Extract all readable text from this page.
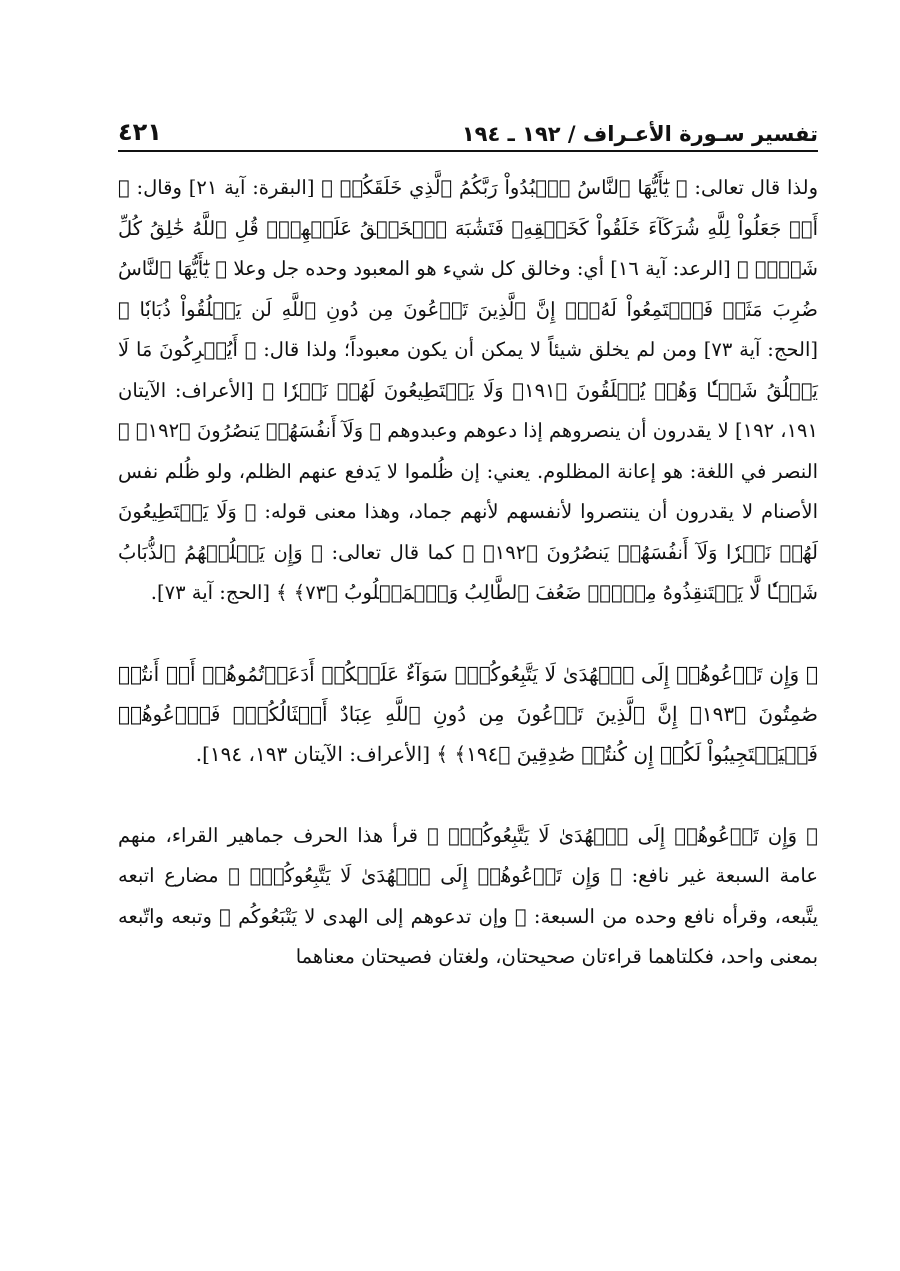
تفسير سـورة الأعـراف / ١٩٢ ـ ١٩٤
٤٢١

ولذا قال تعالى: ﴿ يَٰٓأَيُّهَا ٱلنَّاسُ ٱعۡبُدُواْ رَبَّكُمُ ٱلَّذِي خَلَقَكُمۡ ﴾ [البقرة: آية ٢١] وقال: ﴿ أَمۡ جَعَلُواْ لِلَّهِ شُرَكَآءَ خَلَقُواْ كَخَلۡقِهِۦ فَتَشَٰبَهَ ٱلۡخَلۡقُ عَلَيۡهِمۡۚ قُلِ ٱللَّهُ خَٰلِقُ كُلِّ شَيۡءٖ ﴾ [الرعد: آية ١٦] أي: وخالق كل شيء هو المعبود وحده جل وعلا ﴿ يَٰٓأَيُّهَا ٱلنَّاسُ ضُرِبَ مَثَلٞ فَٱسۡتَمِعُواْ لَهُۥٓۚ إِنَّ ٱلَّذِينَ تَدۡعُونَ مِن دُونِ ٱللَّهِ لَن يَخۡلُقُواْ ذُبَابٗا ﴾ [الحج: آية ٧٣] ومن لم يخلق شيئاً لا يمكن أن يكون معبوداً؛ ولذا قال: ﴿ أَيُشۡرِكُونَ مَا لَا يَخۡلُقُ شَيۡـٔٗا وَهُمۡ يُخۡلَقُونَ ﴿١٩١﴾ وَلَا يَسۡتَطِيعُونَ لَهُمۡ نَصۡرٗا ﴾ [الأعراف: الآيتان ١٩١، ١٩٢] لا يقدرون أن ينصروهم إذا دعوهم وعبدوهم ﴿ وَلَآ أَنفُسَهُمۡ يَنصُرُونَ ﴿١٩٢﴾ ﴾ النصر في اللغة: هو إعانة المظلوم. يعني: إن ظُلموا لا يَدفع عنهم الظلم، ولو ظُلم نفس الأصنام لا يقدرون أن ينتصروا لأنفسهم لأنهم جماد، وهذا معنى قوله: ﴿ وَلَا يَسۡتَطِيعُونَ لَهُمۡ نَصۡرٗا وَلَآ أَنفُسَهُمۡ يَنصُرُونَ ﴿١٩٢﴾ ﴾ كما قال تعالى: ﴿ وَإِن يَسۡلُبۡهُمُ ٱلذُّبَابُ شَيۡـٔٗا لَّا يَسۡتَنقِذُوهُ مِنۡهُۚ ضَعُفَ ٱلطَّالِبُ وَٱلۡمَطۡلُوبُ ﴿٧٣﴾ ﴾ [الحج: آية ٧٣].

﴿ وَإِن تَدۡعُوهُمۡ إِلَى ٱلۡهُدَىٰ لَا يَتَّبِعُوكُمۡۚ سَوَآءٌ عَلَيۡكُمۡ أَدَعَوۡتُمُوهُمۡ أَمۡ أَنتُمۡ صَٰمِتُونَ ﴿١٩٣﴾ إِنَّ ٱلَّذِينَ تَدۡعُونَ مِن دُونِ ٱللَّهِ عِبَادٌ أَمۡثَالُكُمۡۖ فَٱدۡعُوهُمۡ فَلۡيَسۡتَجِيبُواْ لَكُمۡ إِن كُنتُمۡ صَٰدِقِينَ ﴿١٩٤﴾ ﴾ [الأعراف: الآيتان ١٩٣، ١٩٤].

﴿ وَإِن تَدۡعُوهُمۡ إِلَى ٱلۡهُدَىٰ لَا يَتَّبِعُوكُمۡۚ ﴾ قرأ هذا الحرف جماهير القراء، منهم عامة السبعة غير نافع: ﴿ وَإِن تَدۡعُوهُمۡ إِلَى ٱلۡهُدَىٰ لَا يَتَّبِعُوكُمۡۚ ﴾ مضارع اتبعه يتَّبعه، وقرأه نافع وحده من السبعة: ﴿ وإن تدعوهم إلى الهدى لا يَتْبَعُوكُم ﴾ وتبعه واتّبعه بمعنى واحد، فكلتاهما قراءتان صحيحتان، ولغتان فصيحتان معناهما
